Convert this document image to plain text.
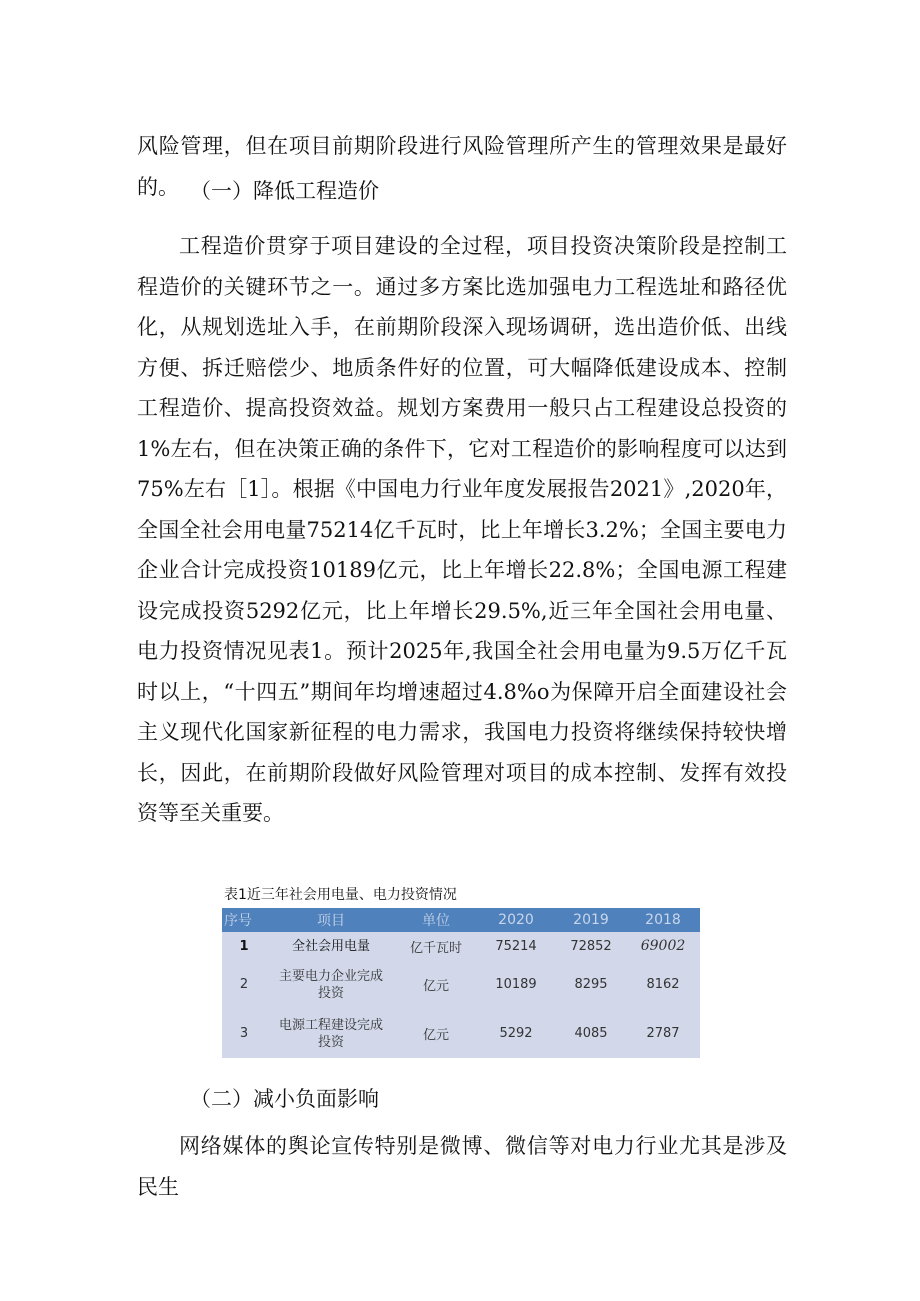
风险管理，但在项目前期阶段进行风险管理所产生的管理效果是最好的。 （一）降低工程造价

工程造价贯穿于项目建设的全过程，项目投资决策阶段是控制工程造价的关键环节之一。通过多方案比选加强电力工程选址和路径优化，从规划选址入手，在前期阶段深入现场调研，选出造价低、出线方便、拆迁赔偿少、地质条件好的位置，可大幅降低建设成本、控制工程造价、提高投资效益。规划方案费用一般只占工程建设总投资的1%左右，但在决策正确的条件下，它对工程造价的影响程度可以达到75%左右［1］。根据《中国电力行业年度发展报告2021》,2020年，全国全社会用电量75214亿千瓦时，比上年增长3.2%；全国主要电力企业合计完成投资10189亿元，比上年增长22.8%；全国电源工程建设完成投资5292亿元，比上年增长29.5%,近三年全国社会用电量、电力投资情况见表1。预计2025年,我国全社会用电量为9.5万亿千瓦时以上，“十四五”期间年均增速超过4.8%o为保障开启全面建设社会主义现代化国家新征程的电力需求，我国电力投资将继续保持较快增长，因此，在前期阶段做好风险管理对项目的成本控制、发挥有效投资等至关重要。

表1近三年社会用电量、电力投资情况
序号	项目	单位	2020	2019	2018
1	全社会用电量	亿千瓦时	75214	72852	69002
2	主要电力企业完成投资	亿元	10189	8295	8162
3	电源工程建设完成投资	亿元	5292	4085	2787

（二）减小负面影响

网络媒体的舆论宣传特别是微博、微信等对电力行业尤其是涉及民生
